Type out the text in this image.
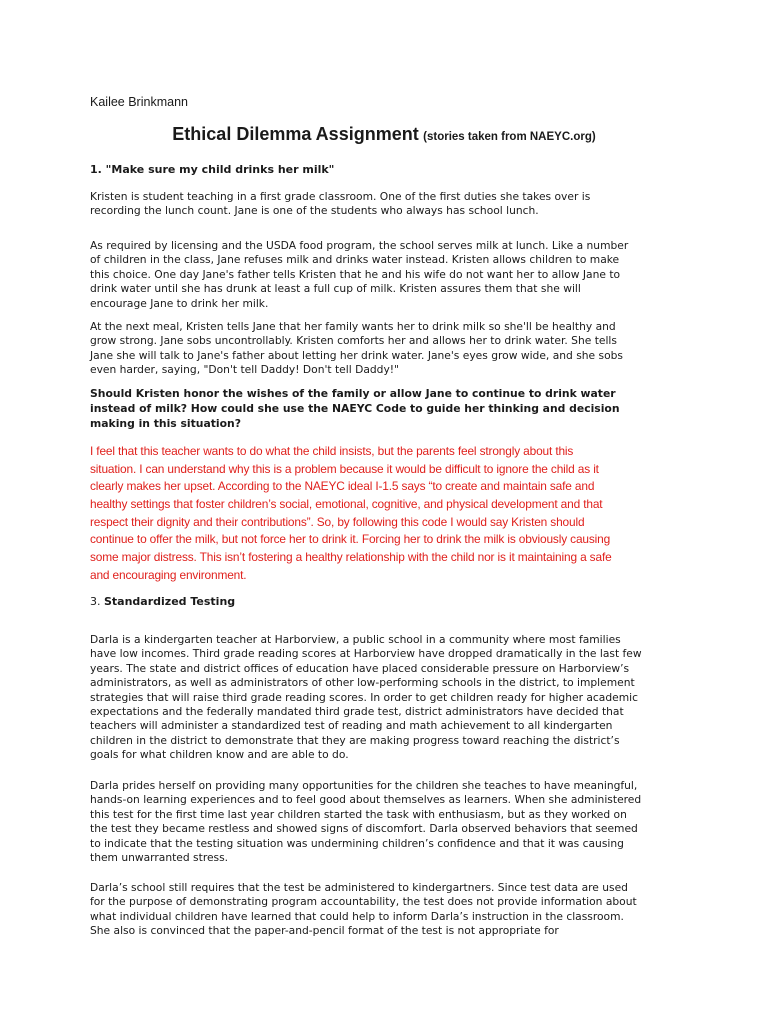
Kailee Brinkmann
Ethical Dilemma Assignment (stories taken from NAEYC.org)
1. "Make sure my child drinks her milk"
Kristen is student teaching in a first grade classroom. One of the first duties she takes over is
recording the lunch count. Jane is one of the students who always has school lunch.
As required by licensing and the USDA food program, the school serves milk at lunch. Like a number
of children in the class, Jane refuses milk and drinks water instead. Kristen allows children to make
this choice. One day Jane's father tells Kristen that he and his wife do not want her to allow Jane to
drink water until she has drunk at least a full cup of milk. Kristen assures them that she will
encourage Jane to drink her milk.
At the next meal, Kristen tells Jane that her family wants her to drink milk so she'll be healthy and
grow strong. Jane sobs uncontrollably. Kristen comforts her and allows her to drink water. She tells
Jane she will talk to Jane's father about letting her drink water. Jane's eyes grow wide, and she sobs
even harder, saying, "Don't tell Daddy! Don't tell Daddy!"
Should Kristen honor the wishes of the family or allow Jane to continue to drink water
instead of milk? How could she use the NAEYC Code to guide her thinking and decision
making in this situation?
I feel that this teacher wants to do what the child insists, but the parents feel strongly about this
situation. I can understand why this is a problem because it would be difficult to ignore the child as it
clearly makes her upset. According to the NAEYC ideal I-1.5 says “to create and maintain safe and
healthy settings that foster children’s social, emotional, cognitive, and physical development and that
respect their dignity and their contributions”. So, by following this code I would say Kristen should
continue to offer the milk, but not force her to drink it. Forcing her to drink the milk is obviously causing
some major distress. This isn’t fostering a healthy relationship with the child nor is it maintaining a safe
and encouraging environment.
3. Standardized Testing
Darla is a kindergarten teacher at Harborview, a public school in a community where most families
have low incomes. Third grade reading scores at Harborview have dropped dramatically in the last few
years. The state and district offices of education have placed considerable pressure on Harborview’s
administrators, as well as administrators of other low-performing schools in the district, to implement
strategies that will raise third grade reading scores. In order to get children ready for higher academic
expectations and the federally mandated third grade test, district administrators have decided that
teachers will administer a standardized test of reading and math achievement to all kindergarten
children in the district to demonstrate that they are making progress toward reaching the district’s
goals for what children know and are able to do.
Darla prides herself on providing many opportunities for the children she teaches to have meaningful,
hands-on learning experiences and to feel good about themselves as learners. When she administered
this test for the first time last year children started the task with enthusiasm, but as they worked on
the test they became restless and showed signs of discomfort. Darla observed behaviors that seemed
to indicate that the testing situation was undermining children’s confidence and that it was causing
them unwarranted stress.
Darla’s school still requires that the test be administered to kindergartners. Since test data are used
for the purpose of demonstrating program accountability, the test does not provide information about
what individual children have learned that could help to inform Darla’s instruction in the classroom.
She also is convinced that the paper-and-pencil format of the test is not appropriate for
